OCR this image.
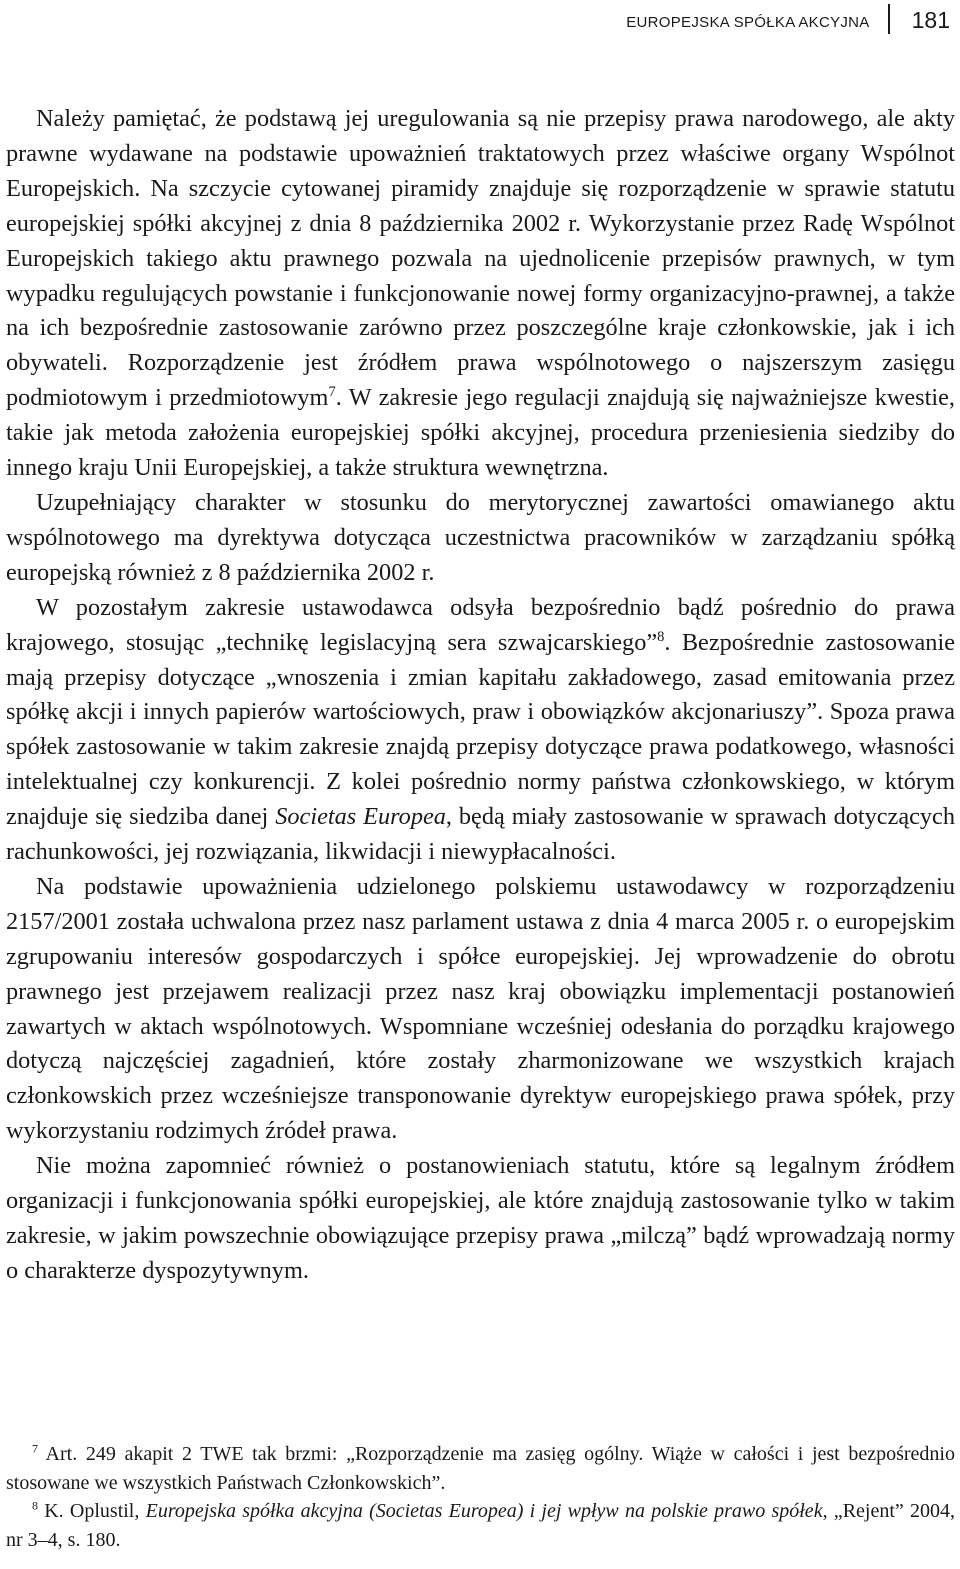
EUROPEJSKA SPÓŁKA AKCYJNA 181

Należy pamiętać, że podstawą jej uregulowania są nie przepisy prawa narodowego, ale akty prawne wydawane na podstawie upoważnień traktatowych przez właściwe organy Wspólnot Europejskich. Na szczycie cytowanej piramidy znajduje się rozporządzenie w sprawie statutu europejskiej spółki akcyjnej z dnia 8 października 2002 r. Wykorzystanie przez Radę Wspólnot Europejskich takiego aktu prawnego pozwala na ujednolicenie przepisów prawnych, w tym wypadku regulujących powstanie i funkcjonowanie nowej formy organizacyjno-prawnej, a także na ich bezpośrednie zastosowanie zarówno przez poszczególne kraje członkowskie, jak i ich obywateli. Rozporządzenie jest źródłem prawa wspólnotowego o najszerszym zasięgu podmiotowym i przedmiotowym$^7$. W zakresie jego regulacji znajdują się najważniejsze kwestie, takie jak metoda założenia europejskiej spółki akcyjnej, procedura przeniesienia siedziby do innego kraju Unii Europejskiej, a także struktura wewnętrzna.

Uzupełniający charakter w stosunku do merytorycznej zawartości omawianego aktu wspólnotowego ma dyrektywa dotycząca uczestnictwa pracowników w zarządzaniu spółką europejską również z 8 października 2002 r.

W pozostałym zakresie ustawodawca odsyła bezpośrednio bądź pośrednio do prawa krajowego, stosując „technikę legislacyjną sera szwajcarskiego”$^8$. Bezpośrednie zastosowanie mają przepisy dotyczące „wnoszenia i zmian kapitału zakładowego, zasad emitowania przez spółkę akcji i innych papierów wartościowych, praw i obowiązków akcjonariuszy”. Spoza prawa spółek zastosowanie w takim zakresie znajdą przepisy dotyczące prawa podatkowego, własności intelektualnej czy konkurencji. Z kolei pośrednio normy państwa członkowskiego, w którym znajduje się siedziba danej Societas Europea, będą miały zastosowanie w sprawach dotyczących rachunkowości, jej rozwiązania, likwidacji i niewypłacalności.

Na podstawie upoważnienia udzielonego polskiemu ustawodawcy w rozporządzeniu 2157/2001 została uchwalona przez nasz parlament ustawa z dnia 4 marca 2005 r. o europejskim zgrupowaniu interesów gospodarczych i spółce europejskiej. Jej wprowadzenie do obrotu prawnego jest przejawem realizacji przez nasz kraj obowiązku implementacji postanowień zawartych w aktach wspólnotowych. Wspomniane wcześniej odesłania do porządku krajowego dotyczą najczęściej zagadnień, które zostały zharmonizowane we wszystkich krajach członkowskich przez wcześniejsze transponowanie dyrektyw europejskiego prawa spółek, przy wykorzystaniu rodzimych źródeł prawa.

Nie można zapomnieć również o postanowieniach statutu, które są legalnym źródłem organizacji i funkcjonowania spółki europejskiej, ale które znajdują zastosowanie tylko w takim zakresie, w jakim powszechnie obowiązujące przepisy prawa „milczą” bądź wprowadzają normy o charakterze dyspozytywnym.

$^7$ Art. 249 akapit 2 TWE tak brzmi: „Rozporządzenie ma zasięg ogólny. Wiąże w całości i jest bezpośrednio stosowane we wszystkich Państwach Członkowskich”.

$^8$ K. Oplustil, Europejska spółka akcyjna (Societas Europea) i jej wpływ na polskie prawo spółek, „Rejent” 2004, nr 3–4, s. 180.
